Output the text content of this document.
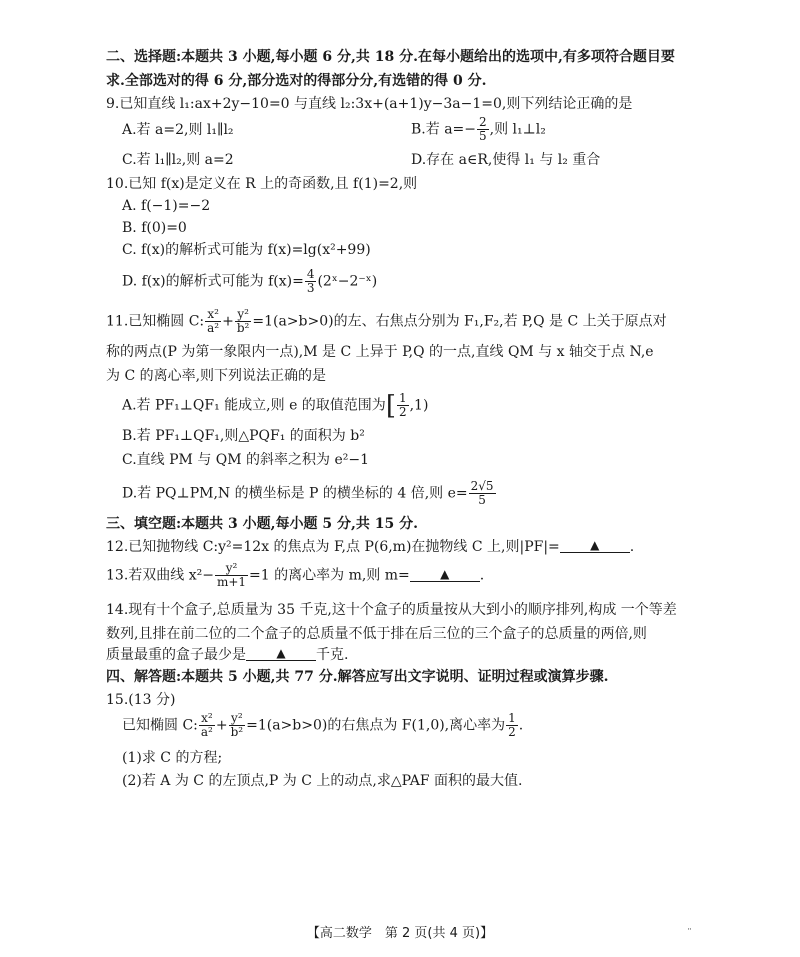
二、选择题:本题共 3 小题,每小题 6 分,共 18 分.在每小题给出的选项中,有多项符合题目要
求.全部选对的得 6 分,部分选对的得部分分,有选错的得 0 分.
9.已知直线 l₁:ax+2y−10=0 与直线 l₂:3x+(a+1)y−3a−1=0,则下列结论正确的是
A.若 a=2,则 l₁∥l₂	B.若 $a=- \frac{2}{5}$ ,则 l₁⊥l₂
C.若 l₁∥l₂,则 a=2	D.存在 a∈R,使得 l₁ 与 l₂ 重合
10.已知 f(x)是定义在 R 上的奇函数,且 f(1)=2,则
A. f(−1)=−2
B. f(0)=0
C. f(x)的解析式可能为 f(x)=lg(x²+99)
D. f(x)的解析式可能为 $f(x)= \frac{4}{3}$ (2ˣ−2⁻ˣ)
11.已知椭圆 C: $\frac{\text{x²}}{\text{a²}} + \frac{\text{y²}}{\text{b²}} =1(a>b>0)$的左、右焦点分别为 F₁,F₂,若 P,Q 是 C 上关于原点对
称的两点(P 为第一象限内一点),M 是 C 上异于 P,Q 的一点,直线 QM 与 x 轴交于点 N,e
为 C 的离心率,则下列说法正确的是
A.若 PF₁⊥QF₁ 能成立,则 e 的取值范围为[ $\frac{1}{2} ,1$)
B.若 PF₁⊥QF₁,则△PQF₁ 的面积为 b²
C.直线 PM 与 QM 的斜率之积为 e²−1
D.若 PQ⊥PM,N 的横坐标是 P 的横坐标的 4 倍,则 $e= \frac{2√5}{5}$
三、填空题:本题共 3 小题,每小题 5 分,共 15 分.
12.已知抛物线 C:y²=12x 的焦点为 F,点 P(6,m)在抛物线 C 上,则|PF|=	▲ .
13.若双曲线 $x^2- \frac{\text{y²}}{m+1} =1$ 的离心率为 m,则 m=	▲ .
14.现有十个盒子,总质量为 35 千克,这十个盒子的质量按从大到小的顺序排列,构成 一个等差
数列,且排在前二位的二个盒子的总质量不低于排在后三位的三个盒子的总质量的两倍,则
质量最重的盒子最少是	▲ 千克.
四、解答题:本题共 5 小题,共 77 分.解答应写出文字说明、证明过程或演算步骤.
15.(13 分)
已知椭圆 C: $\frac{\text{x²}}{\text{a²}} + \frac{\text{y²}}{\text{b²}} =1(a>b>0)$的右焦点为 F(1,0),离心率为 $\frac{1}{2}$ .
(1)求 C 的方程;
(2)若 A 为 C 的左顶点,P 为 C 上的动点,求△PAF 面积的最大值.
【高二数学　第 2 页(共 4 页)】	¨
